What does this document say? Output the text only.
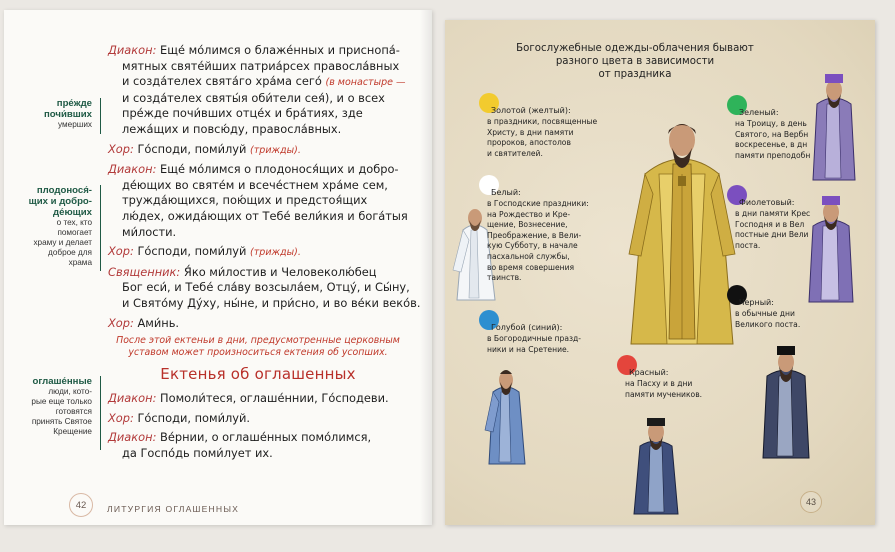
пре́жде
почи́вших
умерших
плодонося́-
щих и добро-
де́ющих
о тех, кто
помогает
храму и делает
доброе для
храма
оглаше́нные
люди, кото-
рые еще только
готовятся
принять Святое
Крещение
Диакон: Еще́ мо́лимся о блаже́нных и приснопа́-
мятных святе́йших патриа́рсех правосла́вных
и созда́телех свята́го хра́ма сего́ (в монастыре —
и созда́телех святы́я оби́тели сея́), и о всех
пре́жде почи́вших отце́х и бра́тиях, зде
лежа́щих и повсю́ду, правосла́вных.
Хор: Го́споди, поми́луй (трижды).
Диакон: Еще́ мо́лимся о плодонося́щих и добро-
де́ющих во святе́м и всече́стнем хра́ме сем,
тружда́ющихся, пою́щих и предстоя́щих
лю́дех, ожида́ющих от Тебе́ вели́кия и бога́тыя
ми́лости.
Хор: Го́споди, поми́луй (трижды).
Священник: Я́ко ми́лостив и Человеколю́бец
Бог еси́, и Тебе́ сла́ву возсыла́ем, Отцу́, и Сы́ну,
и Свято́му Ду́ху, ны́не, и при́сно, и во ве́ки веко́в.
Хор: Ами́нь.
После этой ектеньи в дни, предусмотренные церковным
уставом может произноситься ектения об усопших.
Ектенья об оглашенных
Диакон: Помоли́теся, оглаше́ннии, Го́сподеви.
Хор: Го́споди, поми́луй.
Диакон: Ве́рнии, о оглаше́нных помо́лимся,
да Госпо́дь поми́лует их.
42	ЛИТУРГИЯ ОГЛАШЕННЫХ
Богослужебные одежды-облачения бывают
разного цвета в зависимости
от праздника
Золотой (желтый):
в праздники, посвященные
Христу, в дни памяти
пророков, апостолов
и святителей.
Белый:
в Господские праздники:
на Рождество и Кре-
щение, Вознесение,
Преображение, в Вели-
кую Субботу, в начале
пасхальной службы,
во время совершения
таинств.
Голубой (синий):
в Богородичные празд-
ники и на Сретение.
Красный:
на Пасху и в дни
памяти мучеников.
Зеленый:
на Троицу, в день
Святого, на Вербн
воскресенье, в дн
памяти преподобн
Фиолетовый:
в дни памяти Крес
Господня и в Вел
постные дни Вели
поста.
Черный:
в обычные дни
Великого поста.
43
